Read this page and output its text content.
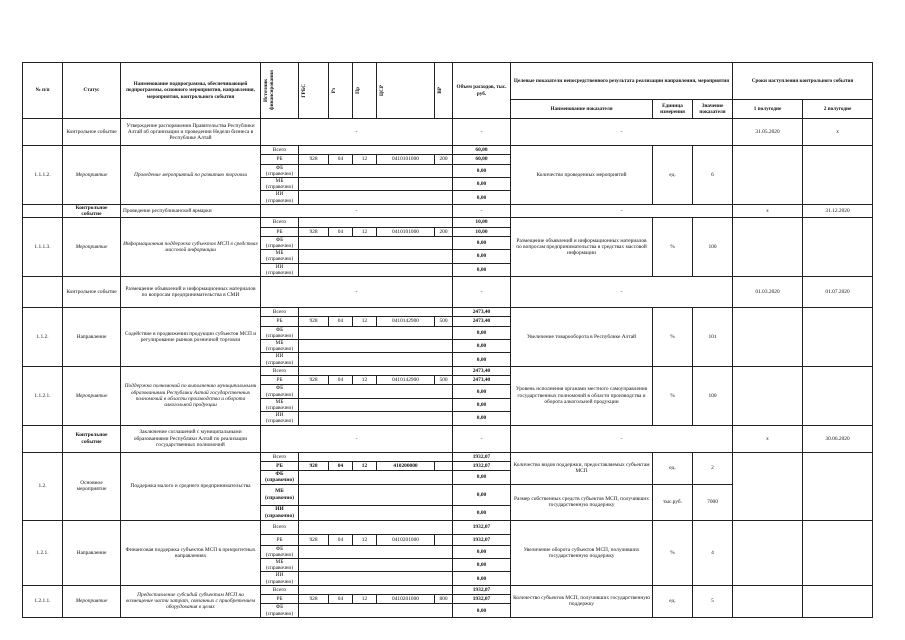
№ п/п	Статус	Наименование подпрограммы, обеспечивающей подпрограммы, основного мероприятия, направления, мероприятия, контрольного события	Источник финансирования	ГРБС	Рз	Пр	ЦСР	ВР	Объем расходов, тыс. руб.	Целевые показатели непосредственного результата реализации направления, мероприятия			Сроки наступления контрольного события	
										Наименование показателя	Единица измерения	Значение показателя	1 полугодие	2 полугодие
	Контрольное событие	Утверждение распоряжения Правительства Республики Алтай об организации и проведении Недели бизнеса в Республике Алтай	-						-	-			31.05.2020	х
1.1.1.2.	Мероприятие	Проведение мероприятий по развитию торговли	Всего						60,00	Количество проведенных мероприятий	ед.	6		
			РБ	928	04	12	0410101000	200	60,00					
			ФБ (справочно)						0,00					
			МБ (справочно)						0,00					
			ИИ (справочно)						0,00					
	Контрольное событие	Проведение республиканской ярмарки	-						-	-			х	31.12.2020
1.1.1.3.	Мероприятие	Информационная поддержка субъектов МСП в средствах массовой информации	Всего						10,00	Размещение объявлений и информационных материалов по вопросам предпринимательства в средствах массовой информации	%	100		
			РБ	928	04	12	0410101000	200	10,00					
			ФБ (справочно)						0,00					
			МБ (справочно)						0,00					
			ИИ (справочно)						0,00					
	Контрольное событие	Размещение объявлений и информационных материалов по вопросам предпринимательства в СМИ	-						-	-			01.03.2020	01.07.2020
1.1.2.	Направление	Содействие в продвижении продукции субъектов МСП и регулирование рынков розничной торговли	Всего						2473,40	Увеличение товарооборота в Республике Алтай	%	101		
			РБ	928	04	12	0410142900	500	2473,40					
			ФБ (справочно)						0,00					
			МБ (справочно)						0,00					
			ИИ (справочно)						0,00					
1.1.2.1.	Мероприятие	Поддержка полномочий по выполнению муниципальными образованиями Республики Алтай государственных полномочий в области производства и оборота алкогольной продукции	Всего						2473,40	Уровень исполнения органами местного самоуправления государственных полномочий в области производства и оборота алкогольной продукции	%	100		
			РБ	928	04	12	0410142900	500	2473,40					
			ФБ (справочно)						0,00					
			МБ (справочно)						0,00					
			ИИ (справочно)						0,00					
	Контрольное событие	Заключение соглашений с муниципальными образованиями Республики Алтай по реализации государственных полномочий	-						-	-			х	30.06.2020
1.2.	Основное мероприятие	Поддержка малого и среднего предпринимательства	Всего						1932,07	Количество видов поддержки, предоставляемых субъектам МСП	ед.	2		
			РБ	928	04	12	410200000		1932,07					
			ФБ (справочно)						0,00					
			МБ (справочно)						0,00	Размер собственных средств субъектов МСП, получивших государственную поддержку	тыс.руб.	7000		
			ИИ (справочно)						0,00					
1.2.1.	Направление	Финансовая поддержка субъектов МСП в приоритетных направлениях	Всего						1932,07	Увеличение оборота субъектов МСП, получивших государственную поддержку	%	4		
			РБ	928	04	12	0410201000		1932,07					
			ФБ (справочно)						0,00					
			МБ (справочно)						0,00					
			ИИ (справочно)						0,00					
1.2.1.1.	Мероприятие	Предоставление субсидий субъектам МСП на возмещение части затрат, связанных с приобретением оборудования в целях	Всего						1932,07	Количество субъектов МСП, получивших государственную поддержку	ед.	5		
			РБ	928	04	12	0410201000	800	1932,07					
			ФБ (справочно)						0,00					
